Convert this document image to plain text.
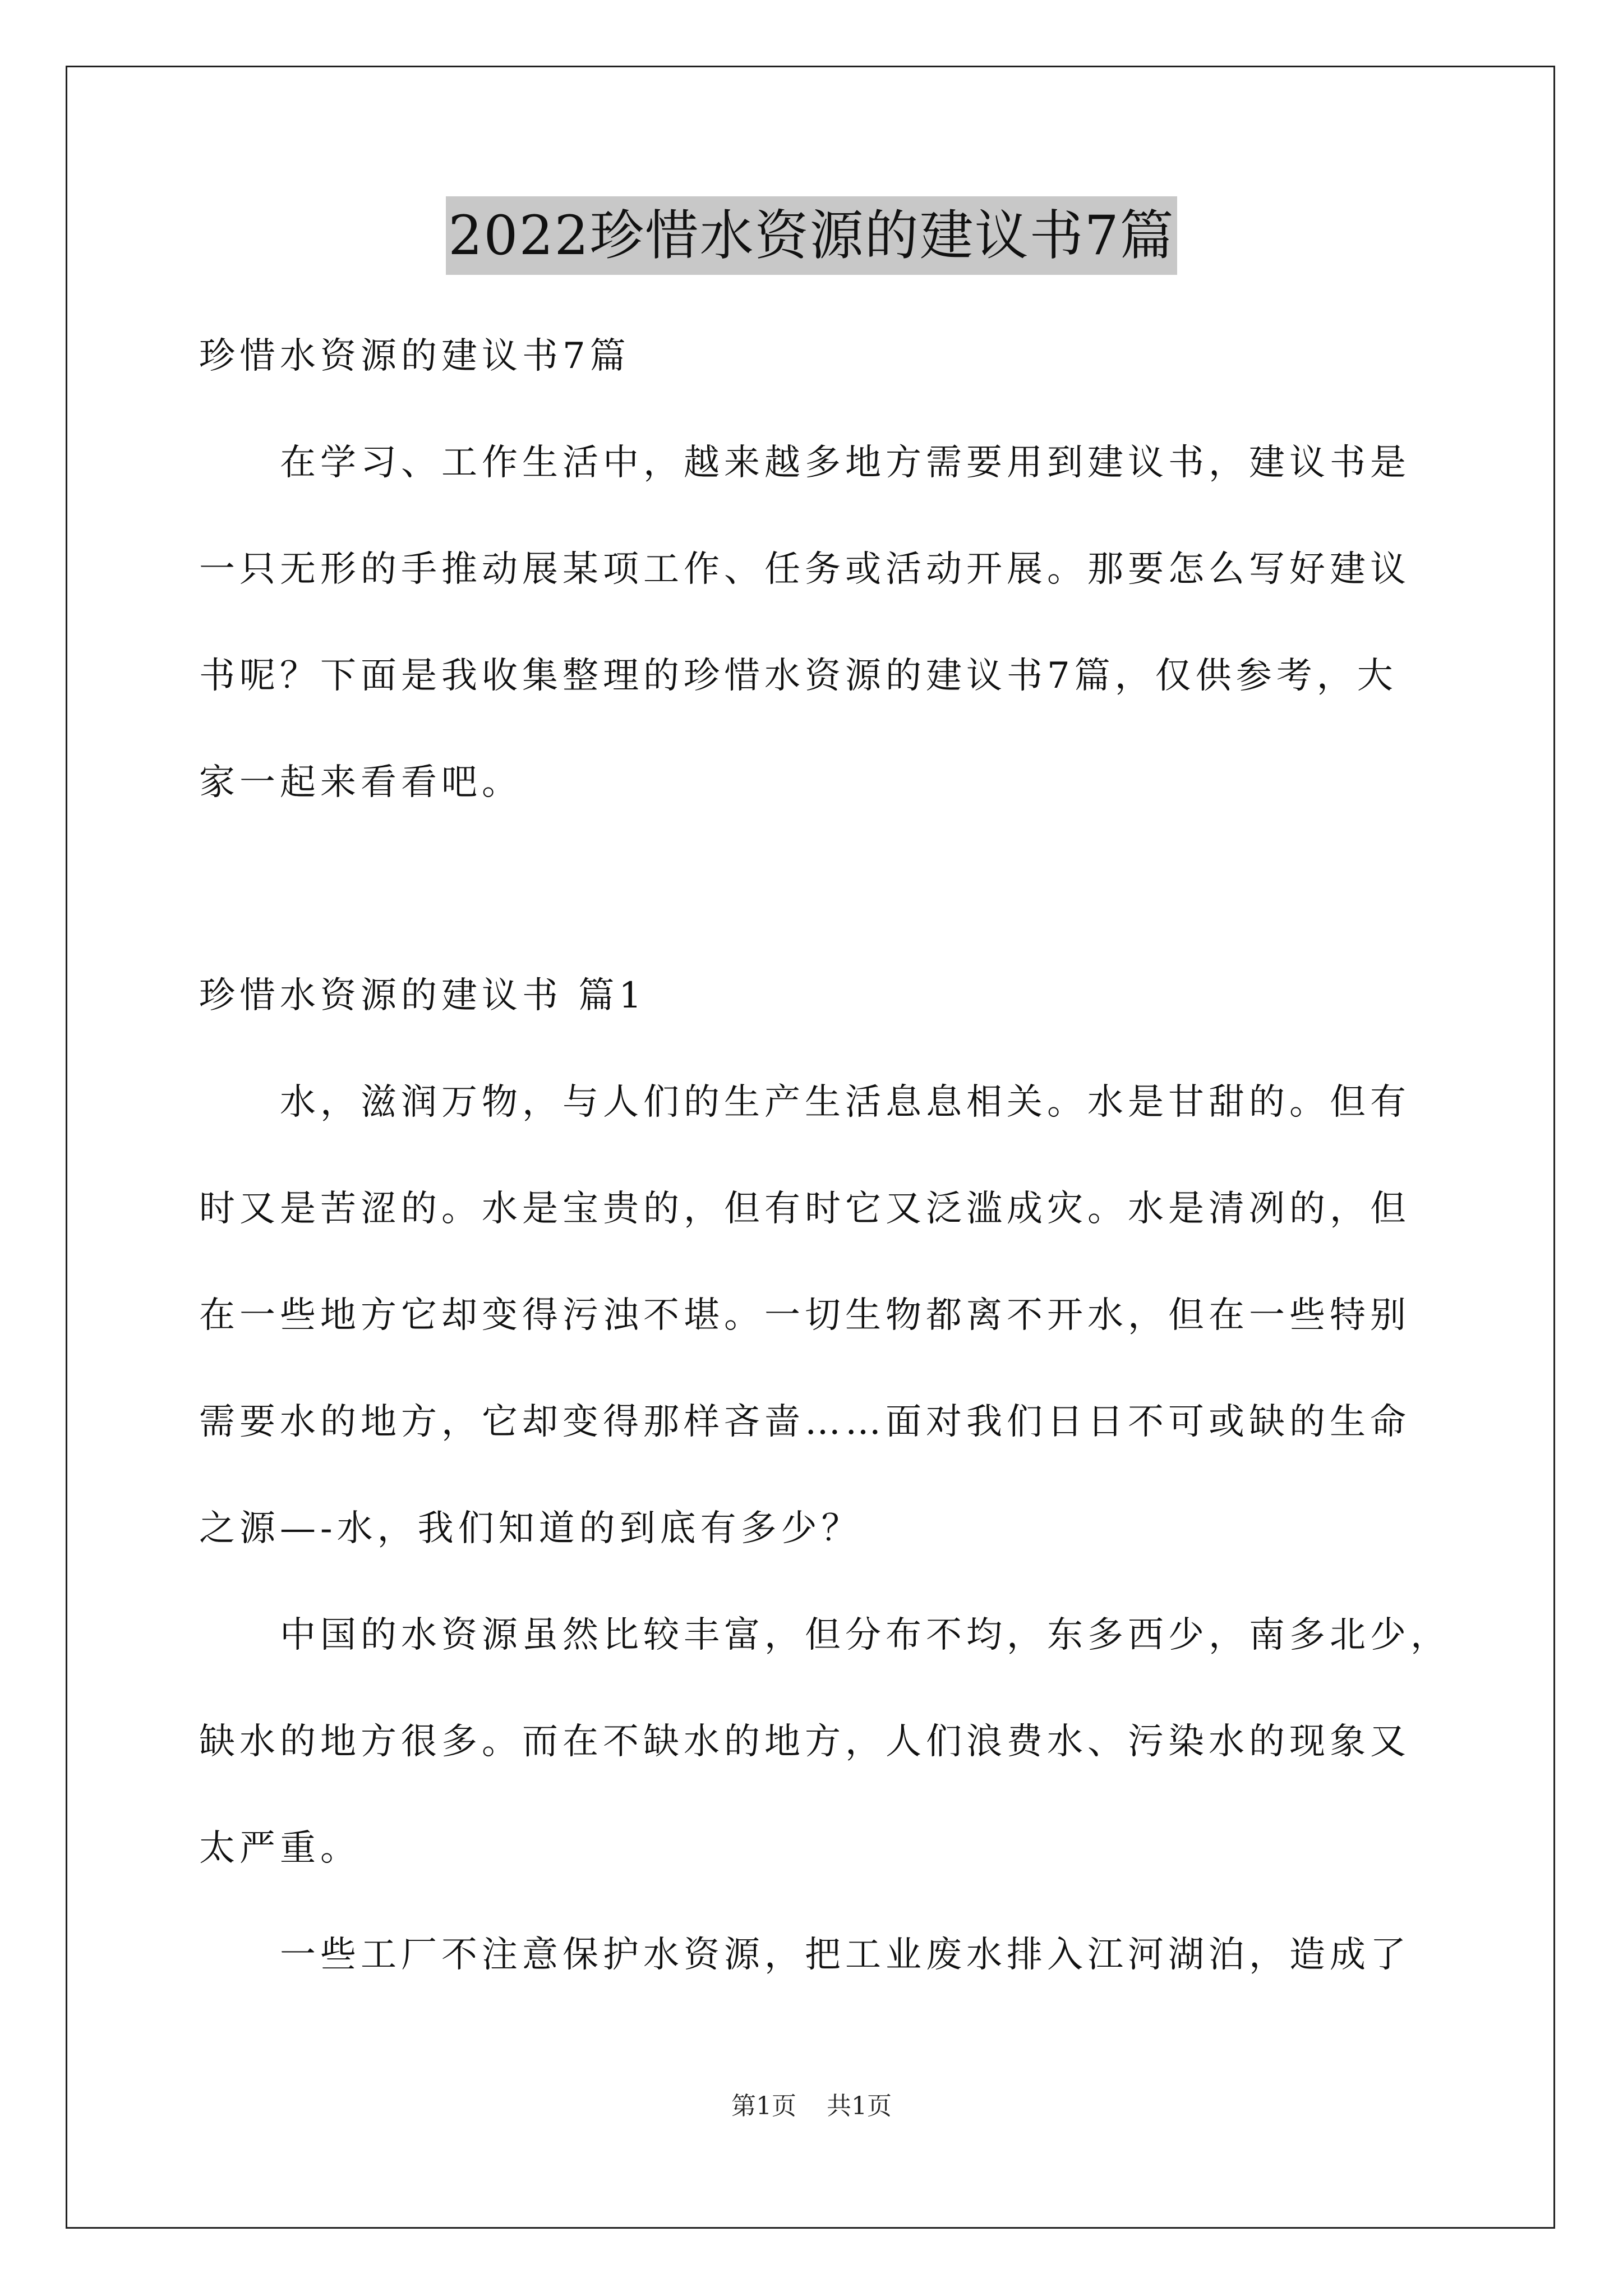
2022珍惜水资源的建议书7篇
珍惜水资源的建议书7篇
　　在学习、工作生活中，越来越多地方需要用到建议书，建议书是
一只无形的手推动展某项工作、任务或活动开展。那要怎么写好建议
书呢？下面是我收集整理的珍惜水资源的建议书7篇，仅供参考，大
家一起来看看吧。
珍惜水资源的建议书 篇1
　　水，滋润万物，与人们的生产生活息息相关。水是甘甜的。但有
时又是苦涩的。水是宝贵的，但有时它又泛滥成灾。水是清冽的，但
在一些地方它却变得污浊不堪。一切生物都离不开水，但在一些特别
需要水的地方，它却变得那样吝啬……面对我们日日不可或缺的生命
之源—-水，我们知道的到底有多少？
　　中国的水资源虽然比较丰富，但分布不均，东多西少，南多北少，
缺水的地方很多。而在不缺水的地方，人们浪费水、污染水的现象又
太严重。
　　一些工厂不注意保护水资源，把工业废水排入江河湖泊，造成了
第1页 共1页
